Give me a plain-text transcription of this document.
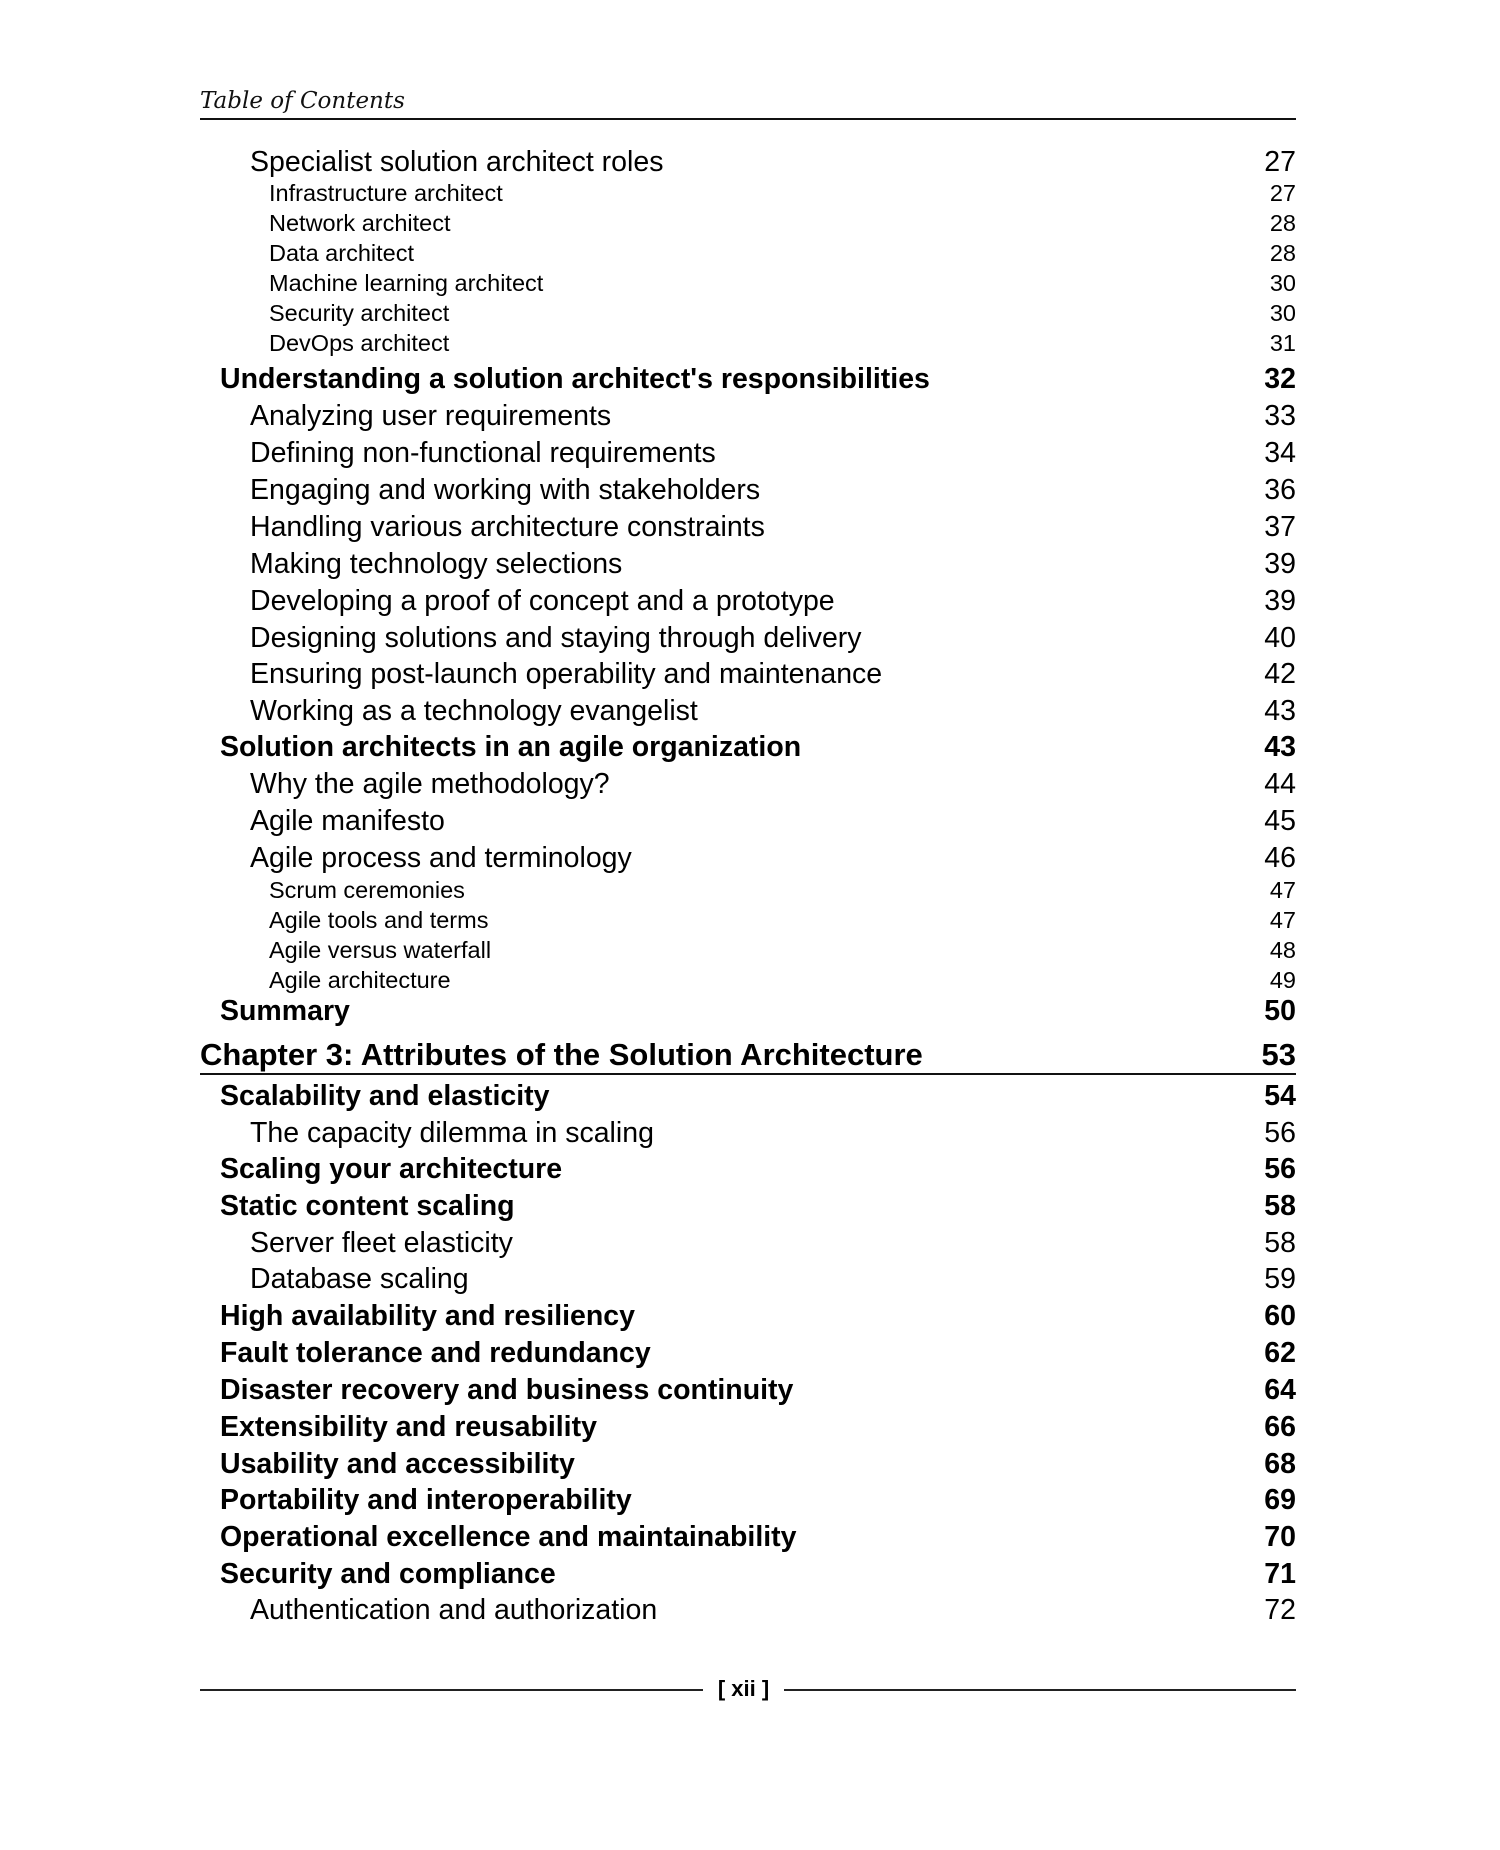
Table of Contents
Specialist solution architect roles	27
Infrastructure architect	27
Network architect	28
Data architect	28
Machine learning architect	30
Security architect	30
DevOps architect	31
Understanding a solution architect's responsibilities	32
Analyzing user requirements	33
Defining non-functional requirements	34
Engaging and working with stakeholders	36
Handling various architecture constraints	37
Making technology selections	39
Developing a proof of concept and a prototype	39
Designing solutions and staying through delivery	40
Ensuring post-launch operability and maintenance	42
Working as a technology evangelist	43
Solution architects in an agile organization	43
Why the agile methodology?	44
Agile manifesto	45
Agile process and terminology	46
Scrum ceremonies	47
Agile tools and terms	47
Agile versus waterfall	48
Agile architecture	49
Summary	50
Chapter 3: Attributes of the Solution Architecture	53
Scalability and elasticity	54
The capacity dilemma in scaling	56
Scaling your architecture	56
Static content scaling	58
Server fleet elasticity	58
Database scaling	59
High availability and resiliency	60
Fault tolerance and redundancy	62
Disaster recovery and business continuity	64
Extensibility and reusability	66
Usability and accessibility	68
Portability and interoperability	69
Operational excellence and maintainability	70
Security and compliance	71
Authentication and authorization	72
[ xii ]
